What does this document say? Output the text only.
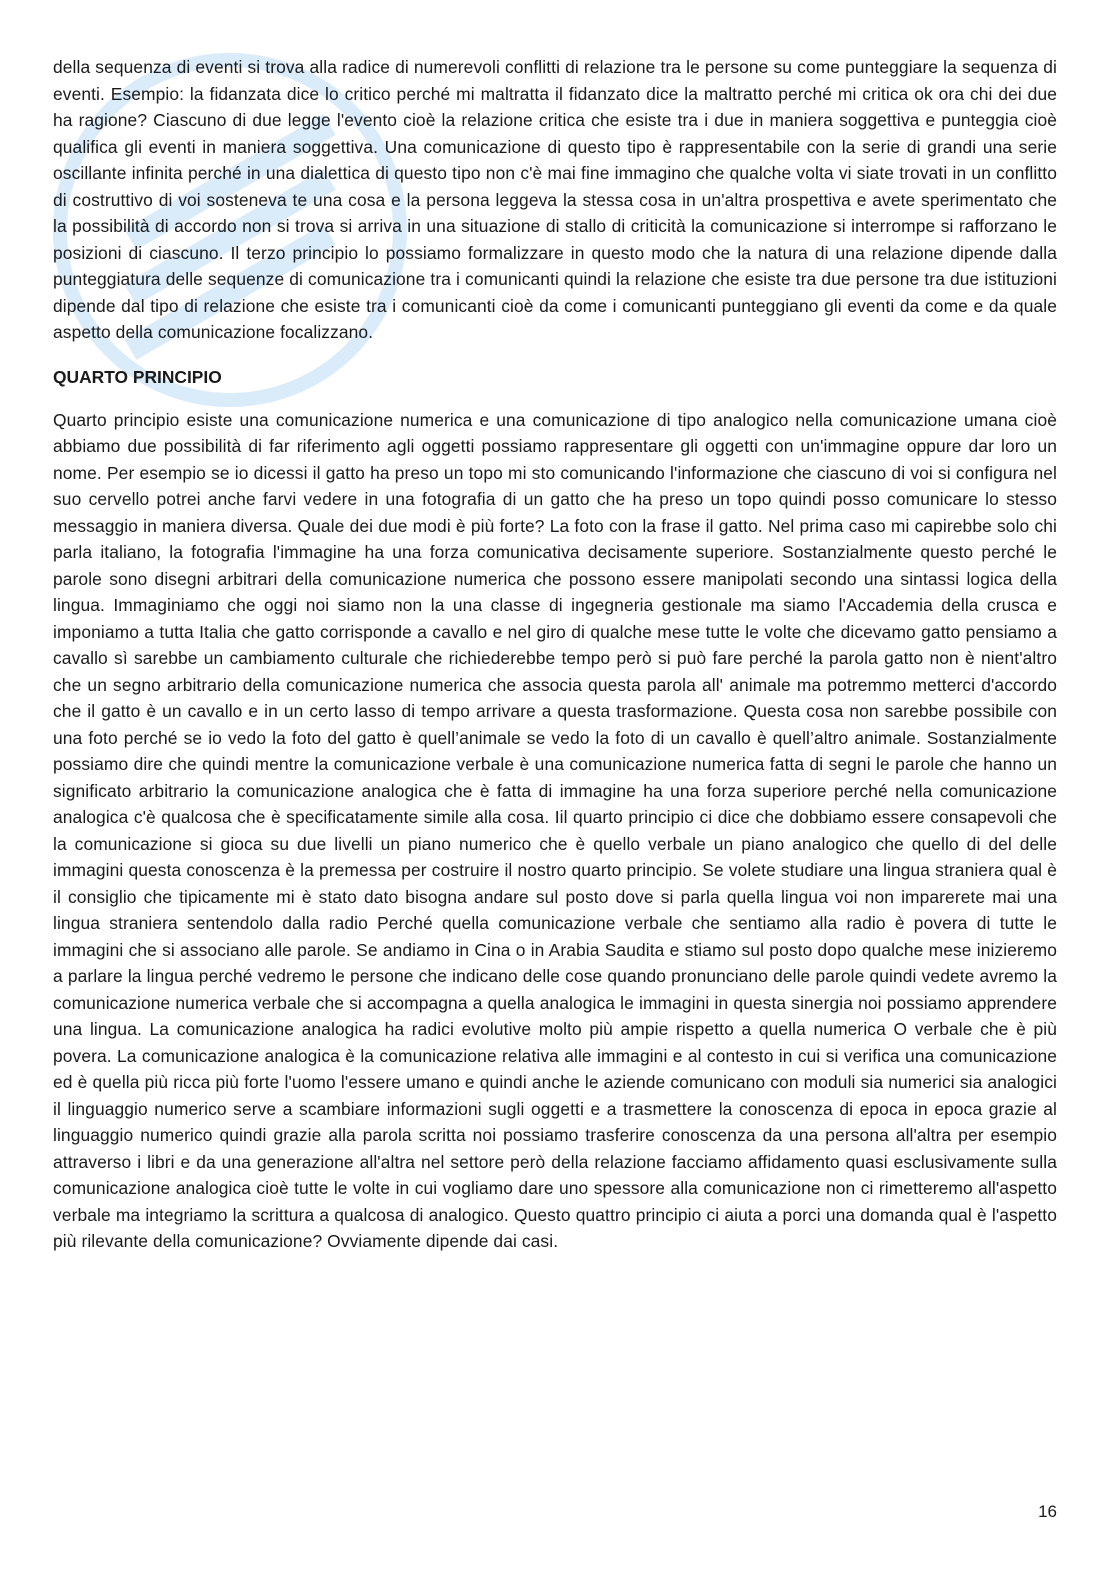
della sequenza di eventi si trova alla radice di numerevoli conflitti di relazione tra le persone su come punteggiare la sequenza di eventi. Esempio: la fidanzata dice lo critico perché mi maltratta il fidanzato dice la maltratto perché mi critica ok ora chi dei due ha ragione? Ciascuno di due legge l'evento cioè la relazione critica che esiste tra i due in maniera soggettiva e punteggia cioè qualifica gli eventi in maniera soggettiva. Una comunicazione di questo tipo è rappresentabile con la serie di grandi una serie oscillante infinita perché in una dialettica di questo tipo non c'è mai fine immagino che qualche volta vi siate trovati in un conflitto di costruttivo di voi sosteneva te una cosa e la persona leggeva la stessa cosa in un'altra prospettiva e avete sperimentato che la possibilità di accordo non si trova si arriva in una situazione di stallo di criticità la comunicazione si interrompe si rafforzano le posizioni di ciascuno. Il terzo principio lo possiamo formalizzare in questo modo che la natura di una relazione dipende dalla punteggiatura delle sequenze di comunicazione tra i comunicanti quindi la relazione che esiste tra due persone tra due istituzioni dipende dal tipo di relazione che esiste tra i comunicanti cioè da come i comunicanti punteggiano gli eventi da come e da quale aspetto della comunicazione focalizzano.

QUARTO PRINCIPIO

Quarto principio esiste una comunicazione numerica e una comunicazione di tipo analogico nella comunicazione umana cioè abbiamo due possibilità di far riferimento agli oggetti possiamo rappresentare gli oggetti con un'immagine oppure dar loro un nome. Per esempio se io dicessi il gatto ha preso un topo mi sto comunicando l'informazione che ciascuno di voi si configura nel suo cervello potrei anche farvi vedere in una fotografia di un gatto che ha preso un topo quindi posso comunicare lo stesso messaggio in maniera diversa. Quale dei due modi è più forte? La foto con la frase il gatto. Nel prima caso mi capirebbe solo chi parla italiano, la fotografia l'immagine ha una forza comunicativa decisamente superiore. Sostanzialmente questo perché le parole sono disegni arbitrari della comunicazione numerica che possono essere manipolati secondo una sintassi logica della lingua. Immaginiamo che oggi noi siamo non la una classe di ingegneria gestionale ma siamo l'Accademia della crusca e imponiamo a tutta Italia che gatto corrisponde a cavallo e nel giro di qualche mese tutte le volte che dicevamo gatto pensiamo a cavallo sì sarebbe un cambiamento culturale che richiederebbe tempo però si può fare perché la parola gatto non è nient'altro che un segno arbitrario della comunicazione numerica che associa questa parola all' animale ma potremmo metterci d'accordo che il gatto è un cavallo e in un certo lasso di tempo arrivare a questa trasformazione. Questa cosa non sarebbe possibile con una foto perché se io vedo la foto del gatto è quell’animale se vedo la foto di un cavallo è quell’altro animale. Sostanzialmente possiamo dire che quindi mentre la comunicazione verbale è una comunicazione numerica fatta di segni le parole che hanno un significato arbitrario la comunicazione analogica che è fatta di immagine ha una forza superiore perché nella comunicazione analogica c'è qualcosa che è specificatamente simile alla cosa. Iil quarto principio ci dice che dobbiamo essere consapevoli che la comunicazione si gioca su due livelli un piano numerico che è quello verbale un piano analogico che quello di del delle immagini questa conoscenza è la premessa per costruire il nostro quarto principio. Se volete studiare una lingua straniera qual è il consiglio che tipicamente mi è stato dato bisogna andare sul posto dove si parla quella lingua voi non imparerete mai una lingua straniera sentendolo dalla radio Perché quella comunicazione verbale che sentiamo alla radio è povera di tutte le immagini che si associano alle parole. Se andiamo in Cina o in Arabia Saudita e stiamo sul posto dopo qualche mese inizieremo a parlare la lingua perché vedremo le persone che indicano delle cose quando pronunciano delle parole quindi vedete avremo la comunicazione numerica verbale che si accompagna a quella analogica le immagini in questa sinergia noi possiamo apprendere una lingua. La comunicazione analogica ha radici evolutive molto più ampie rispetto a quella numerica O verbale che è più povera. La comunicazione analogica è la comunicazione relativa alle immagini e al contesto in cui si verifica una comunicazione ed è quella più ricca più forte l'uomo l'essere umano e quindi anche le aziende comunicano con moduli sia numerici sia analogici il linguaggio numerico serve a scambiare informazioni sugli oggetti e a trasmettere la conoscenza di epoca in epoca grazie al linguaggio numerico quindi grazie alla parola scritta noi possiamo trasferire conoscenza da una persona all'altra per esempio attraverso i libri e da una generazione all'altra nel settore però della relazione facciamo affidamento quasi esclusivamente sulla comunicazione analogica cioè tutte le volte in cui vogliamo dare uno spessore alla comunicazione non ci rimetteremo all'aspetto verbale ma integriamo la scrittura a qualcosa di analogico. Questo quattro principio ci aiuta a porci una domanda qual è l'aspetto più rilevante della comunicazione? Ovviamente dipende dai casi.

16
